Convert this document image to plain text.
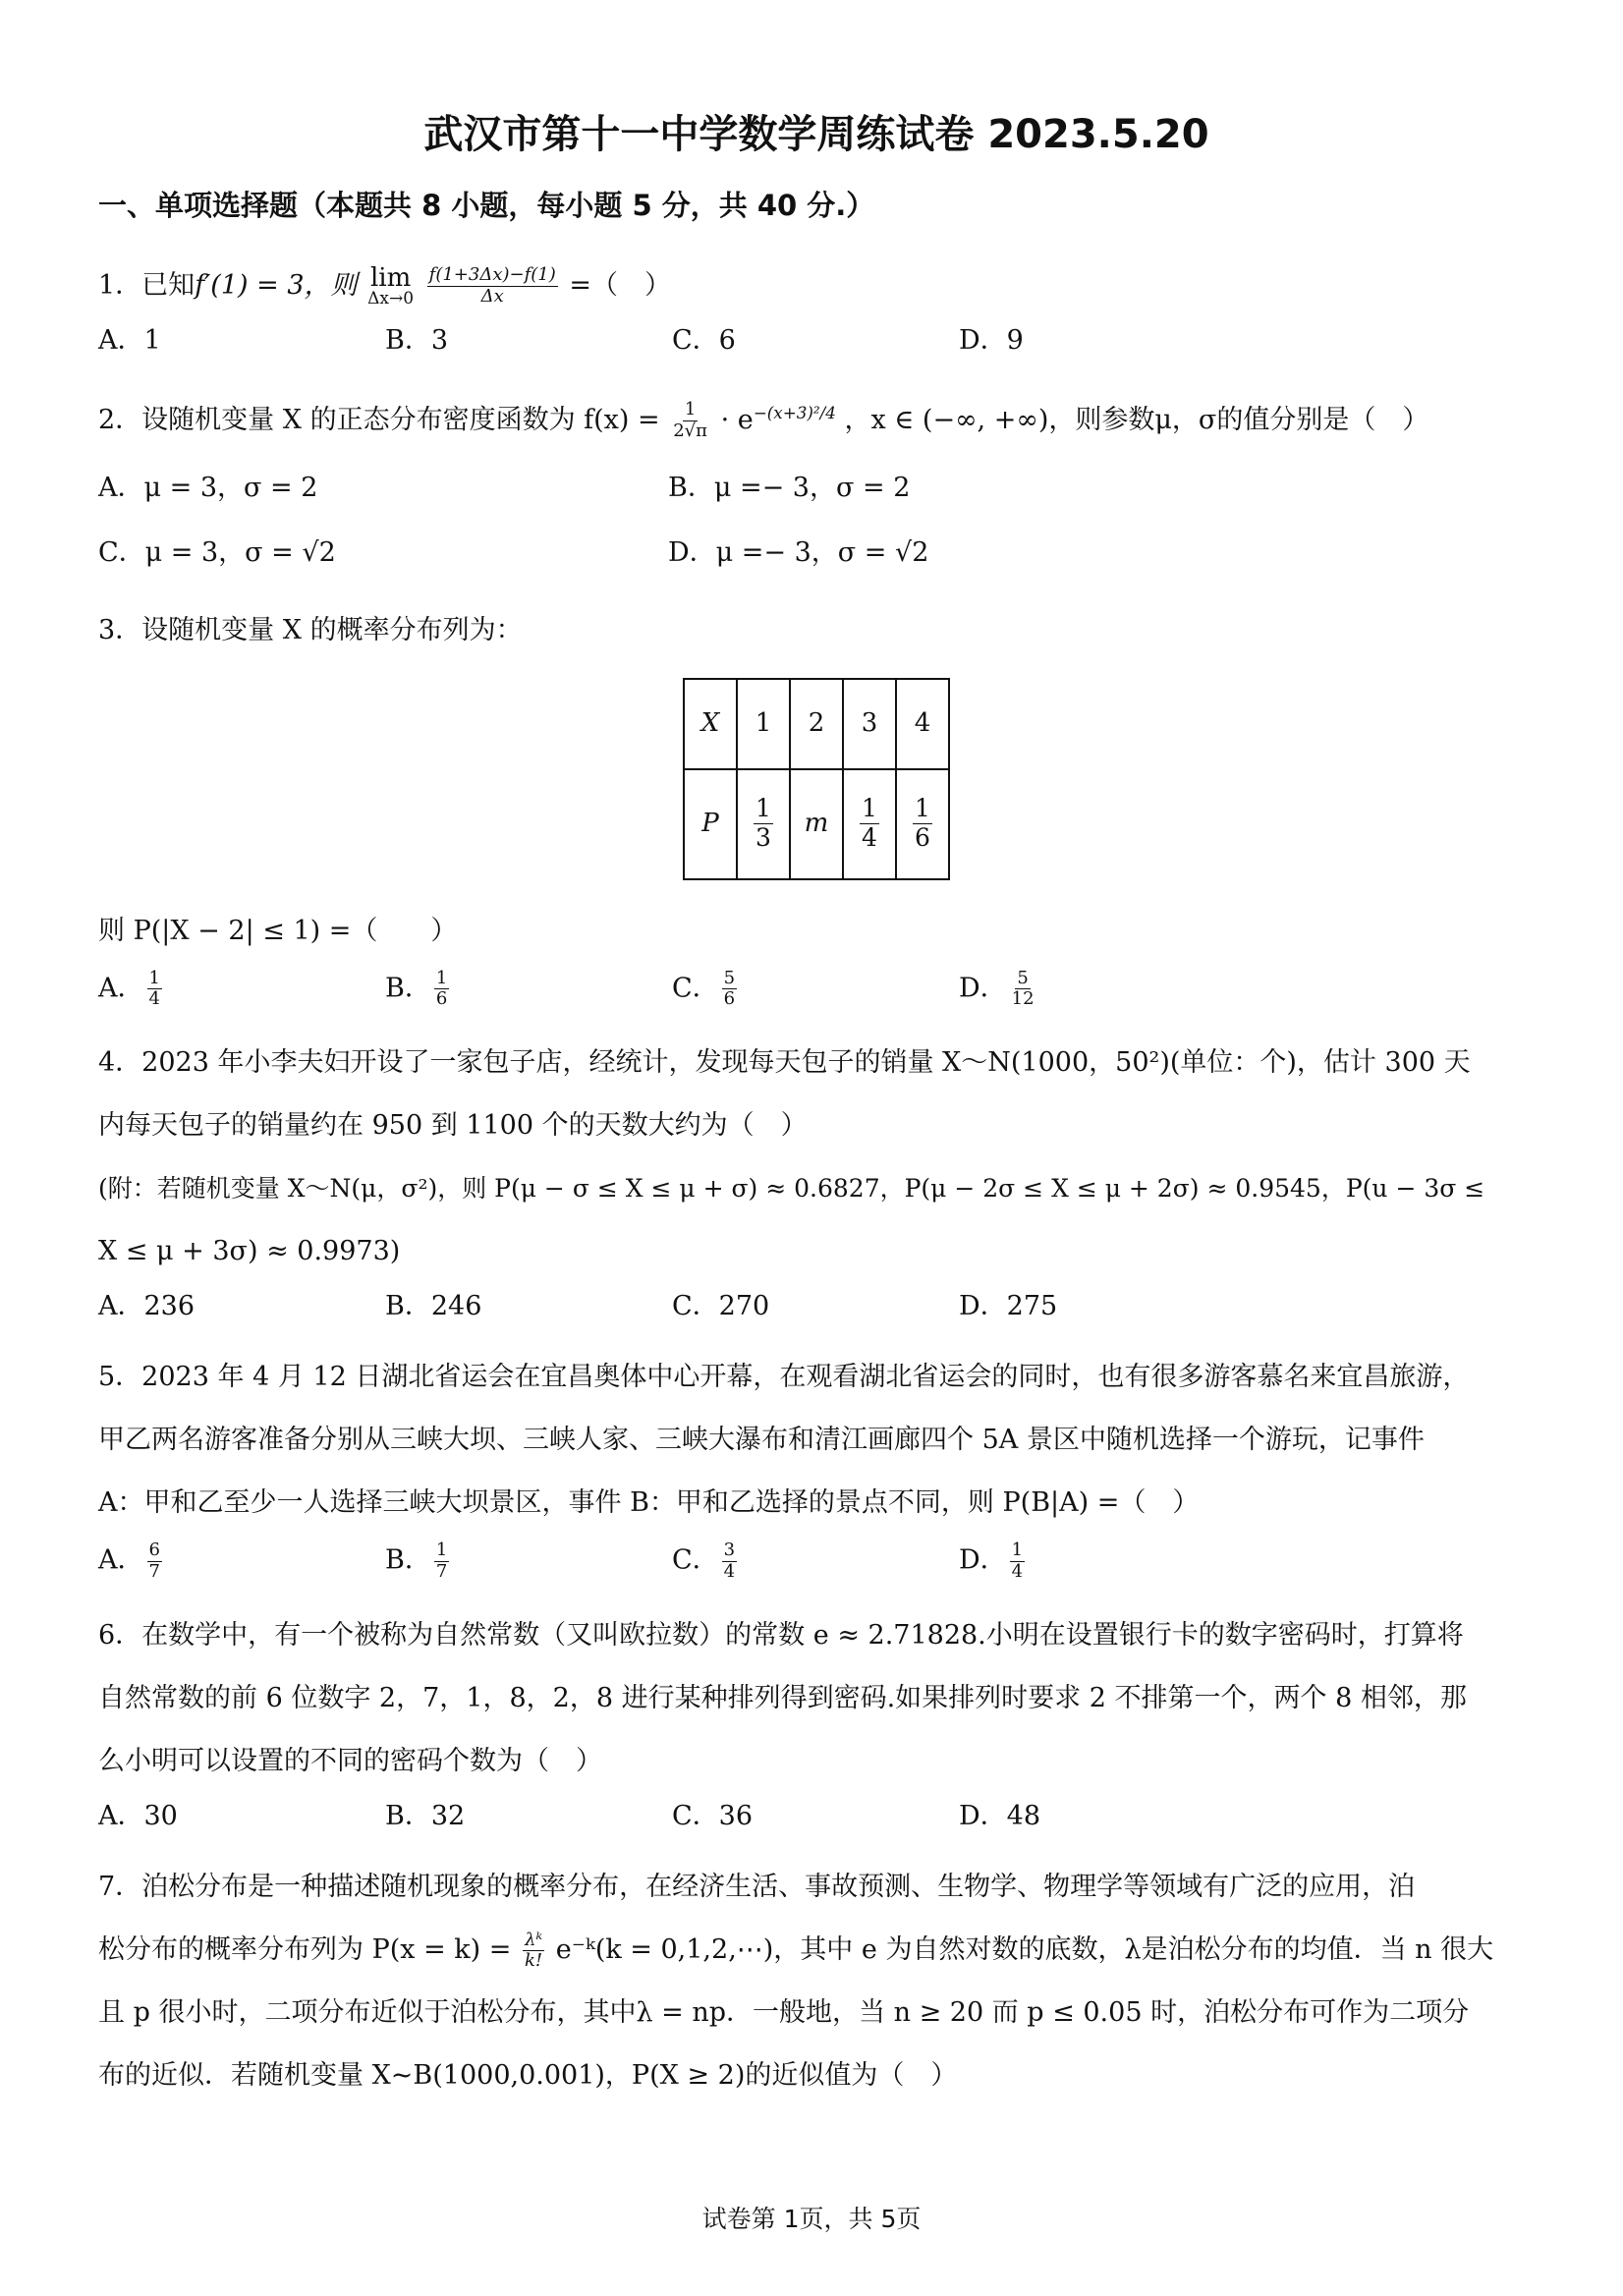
武汉市第十一中学数学周练试卷 2023.5.20
一、单项选择题（本题共 8 小题，每小题 5 分，共 40 分.）
1．已知f′(1) = 3，则 lim
Δx→0
$\frac{f(1+3\Delta x)-f(1)}{\Delta x}$ =（　）
A．1	B．3	C．6	D．9
2．设随机变量 X 的正态分布密度函数为 $f(x) = \frac{1}{2√\pi} \cdot e^{-(x+3)^2/4}$ ，x ∈ (−∞, +∞)，则参数μ，σ的值分别是（　）
A．μ = 3，σ = 2	B．μ =− 3，σ = 2
C．μ = 3，σ = √2	D．μ =− 3，σ = √2
3．设随机变量 X 的概率分布列为：
X	1	2	3	4
P	$\frac{1}{3}$	m	$\frac{1}{4}$	$\frac{1}{6}$
则 P(|X − 2| ≤ 1) =（　　）
A． $\frac{1}{4}$	B． $\frac{1}{6}$	C． $\frac{5}{6}$	D． $\frac{5}{12}$
4．2023 年小李夫妇开设了一家包子店，经统计，发现每天包子的销量 X～N(1000，50²)(单位：个)，估计 300 天
内每天包子的销量约在 950 到 1100 个的天数大约为（　）
(附：若随机变量 X～N(μ，σ²)，则 P(μ − σ ≤ X ≤ μ + σ) ≈ 0.6827，P(μ − 2σ ≤ X ≤ μ + 2σ) ≈ 0.9545，P(u − 3σ ≤
X ≤ μ + 3σ) ≈ 0.9973)
A．236	B．246	C．270	D．275
5．2023 年 4 月 12 日湖北省运会在宜昌奥体中心开幕，在观看湖北省运会的同时，也有很多游客慕名来宜昌旅游，
甲乙两名游客准备分别从三峡大坝、三峡人家、三峡大瀑布和清江画廊四个 5A 景区中随机选择一个游玩，记事件
A：甲和乙至少一人选择三峡大坝景区，事件 B：甲和乙选择的景点不同，则 P(B|A) =（　）
A． $\frac{6}{7}$	B． $\frac{1}{7}$	C． $\frac{3}{4}$	D． $\frac{1}{4}$
6．在数学中，有一个被称为自然常数（又叫欧拉数）的常数 e ≈ 2.71828.小明在设置银行卡的数字密码时，打算将
自然常数的前 6 位数字 2，7，1，8，2，8 进行某种排列得到密码.如果排列时要求 2 不排第一个，两个 8 相邻，那
么小明可以设置的不同的密码个数为（　）
A．30	B．32	C．36	D．48
7．泊松分布是一种描述随机现象的概率分布，在经济生活、事故预测、生物学、物理学等领域有广泛的应用，泊
松分布的概率分布列为 $P(x = k) = \frac{\text{λᵏ}}{k!}$ e⁻ᵏ(k = 0,1,2,⋯)，其中 e 为自然对数的底数，λ是泊松分布的均值．当 n 很大
且 p 很小时，二项分布近似于泊松分布，其中λ = np．一般地，当 n ≥ 20 而 p ≤ 0.05 时，泊松分布可作为二项分
布的近似．若随机变量 X~B(1000,0.001)，P(X ≥ 2)的近似值为（　）
试卷第 1页，共 5页
